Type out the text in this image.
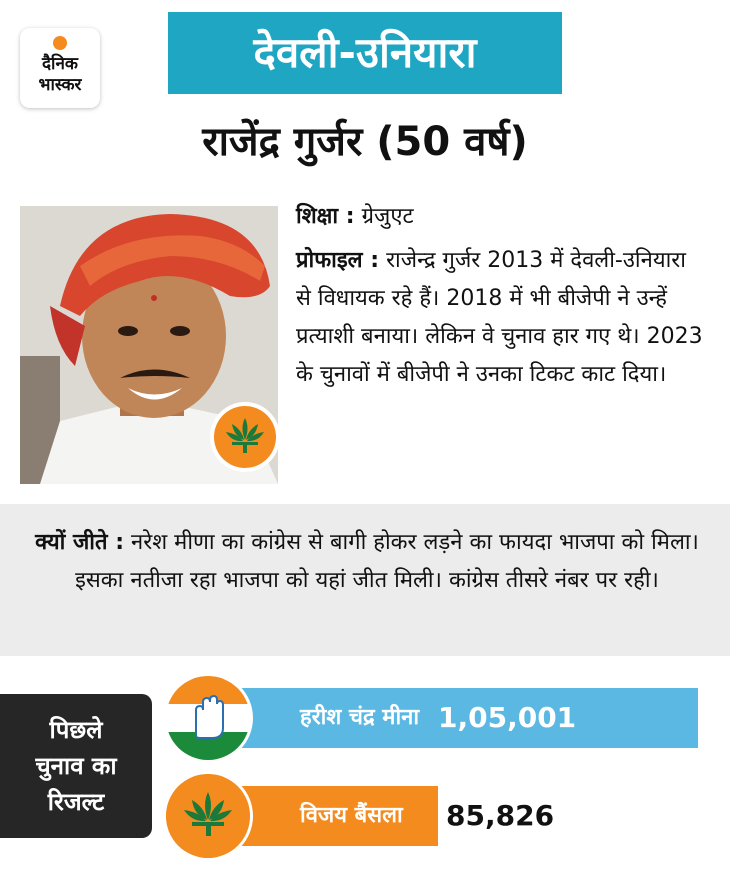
दैनिक
भास्कर
देवली-उनियारा
राजेंद्र गुर्जर (50 वर्ष)

शिक्षा : ग्रेजुएट

प्रोफाइल : राजेन्द्र गुर्जर 2013 में देवली-उनियारा से विधायक रहे हैं। 2018 में भी बीजेपी ने उन्हें प्रत्याशी बनाया। लेकिन वे चुनाव हार गए थे। 2023 के चुनावों में बीजेपी ने उनका टिकट काट दिया।

क्यों जीते : नरेश मीणा का कांग्रेस से बागी होकर लड़ने का फायदा भाजपा को मिला। इसका नतीजा रहा भाजपा को यहां जीत मिली। कांग्रेस तीसरे नंबर पर रही।
पिछले
चुनाव का
रिजल्ट
हरीश चंद्र मीना 1,05,001
विजय बैंसला	85,826
